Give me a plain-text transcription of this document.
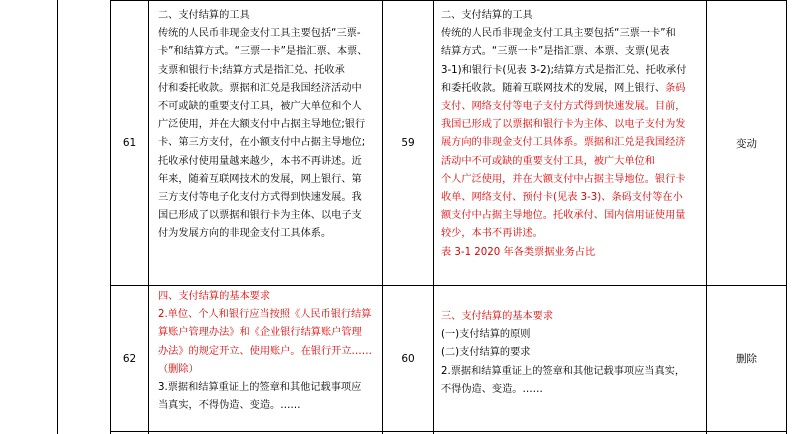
61
二、支付结算的工具
传统的人民币非现金支付工具主要包括“三票-
卡”和结算方式。“三票一卡”是指汇票、本票、
支票和银行卡;结算方式是指汇兑、托收承
付和委托收款。票据和汇兑是我国经济活动中
不可或缺的重要支付工具，被广大单位和个人
广泛使用，并在大额支付中占据主导地位;银行
卡、第三方支付，在小额支付中占据主导地位;
托收承付使用量越来越少，本书不再讲述。近
年来，随着互联网技术的发展，网上银行、第
三方支付等电子化支付方式得到快速发展。我
国已形成了以票据和银行卡为主体、以电子支
付为发展方向的非现金支付工具体系。
59
二、支付结算的工具
传统的人民币非现金支付工具主要包括“三票一卡”和
结算方式。“三票一卡”是指汇票、本票、支票(见表
3-1)和银行卡(见表 3-2);结算方式是指汇兑、托收承付
和委托收款。随着互联网技术的发展，网上银行、条码
支付、网络支付等电子支付方式得到快速发展。目前，
我国已形成了以票据和银行卡为主体、以电子支付为发
展方向的非现金支付工具体系。票据和汇兑是我国经济
活动中不可或缺的重要支付工具，被广大单位和
个人广泛使用，并在大额支付中占据主导地位。银行卡
收单、网络支付、预付卡(见表 3-3)、条码支付等在小
额支付中占据主导地位。托收承付、国内信用证使用量
较少，本书不再讲述。
表 3-1 2020 年各类票据业务占比
变动
62
四、支付结算的基本要求
2.单位、个人和银行应当按照《人民币银行结算
算账户管理办法》和《企业银行结算账户管理
办法》的规定开立、使用账户。在银行开立……
（删除）
3.票据和结算重证上的签章和其他记载事项应
当真实，不得伪造、变造。……
60
三、支付结算的基本要求
(一)支付结算的原则
(二)支付结算的要求
2.票据和结算重证上的签章和其他记载事项应当真实，
不得伪造、变造。……
删除
